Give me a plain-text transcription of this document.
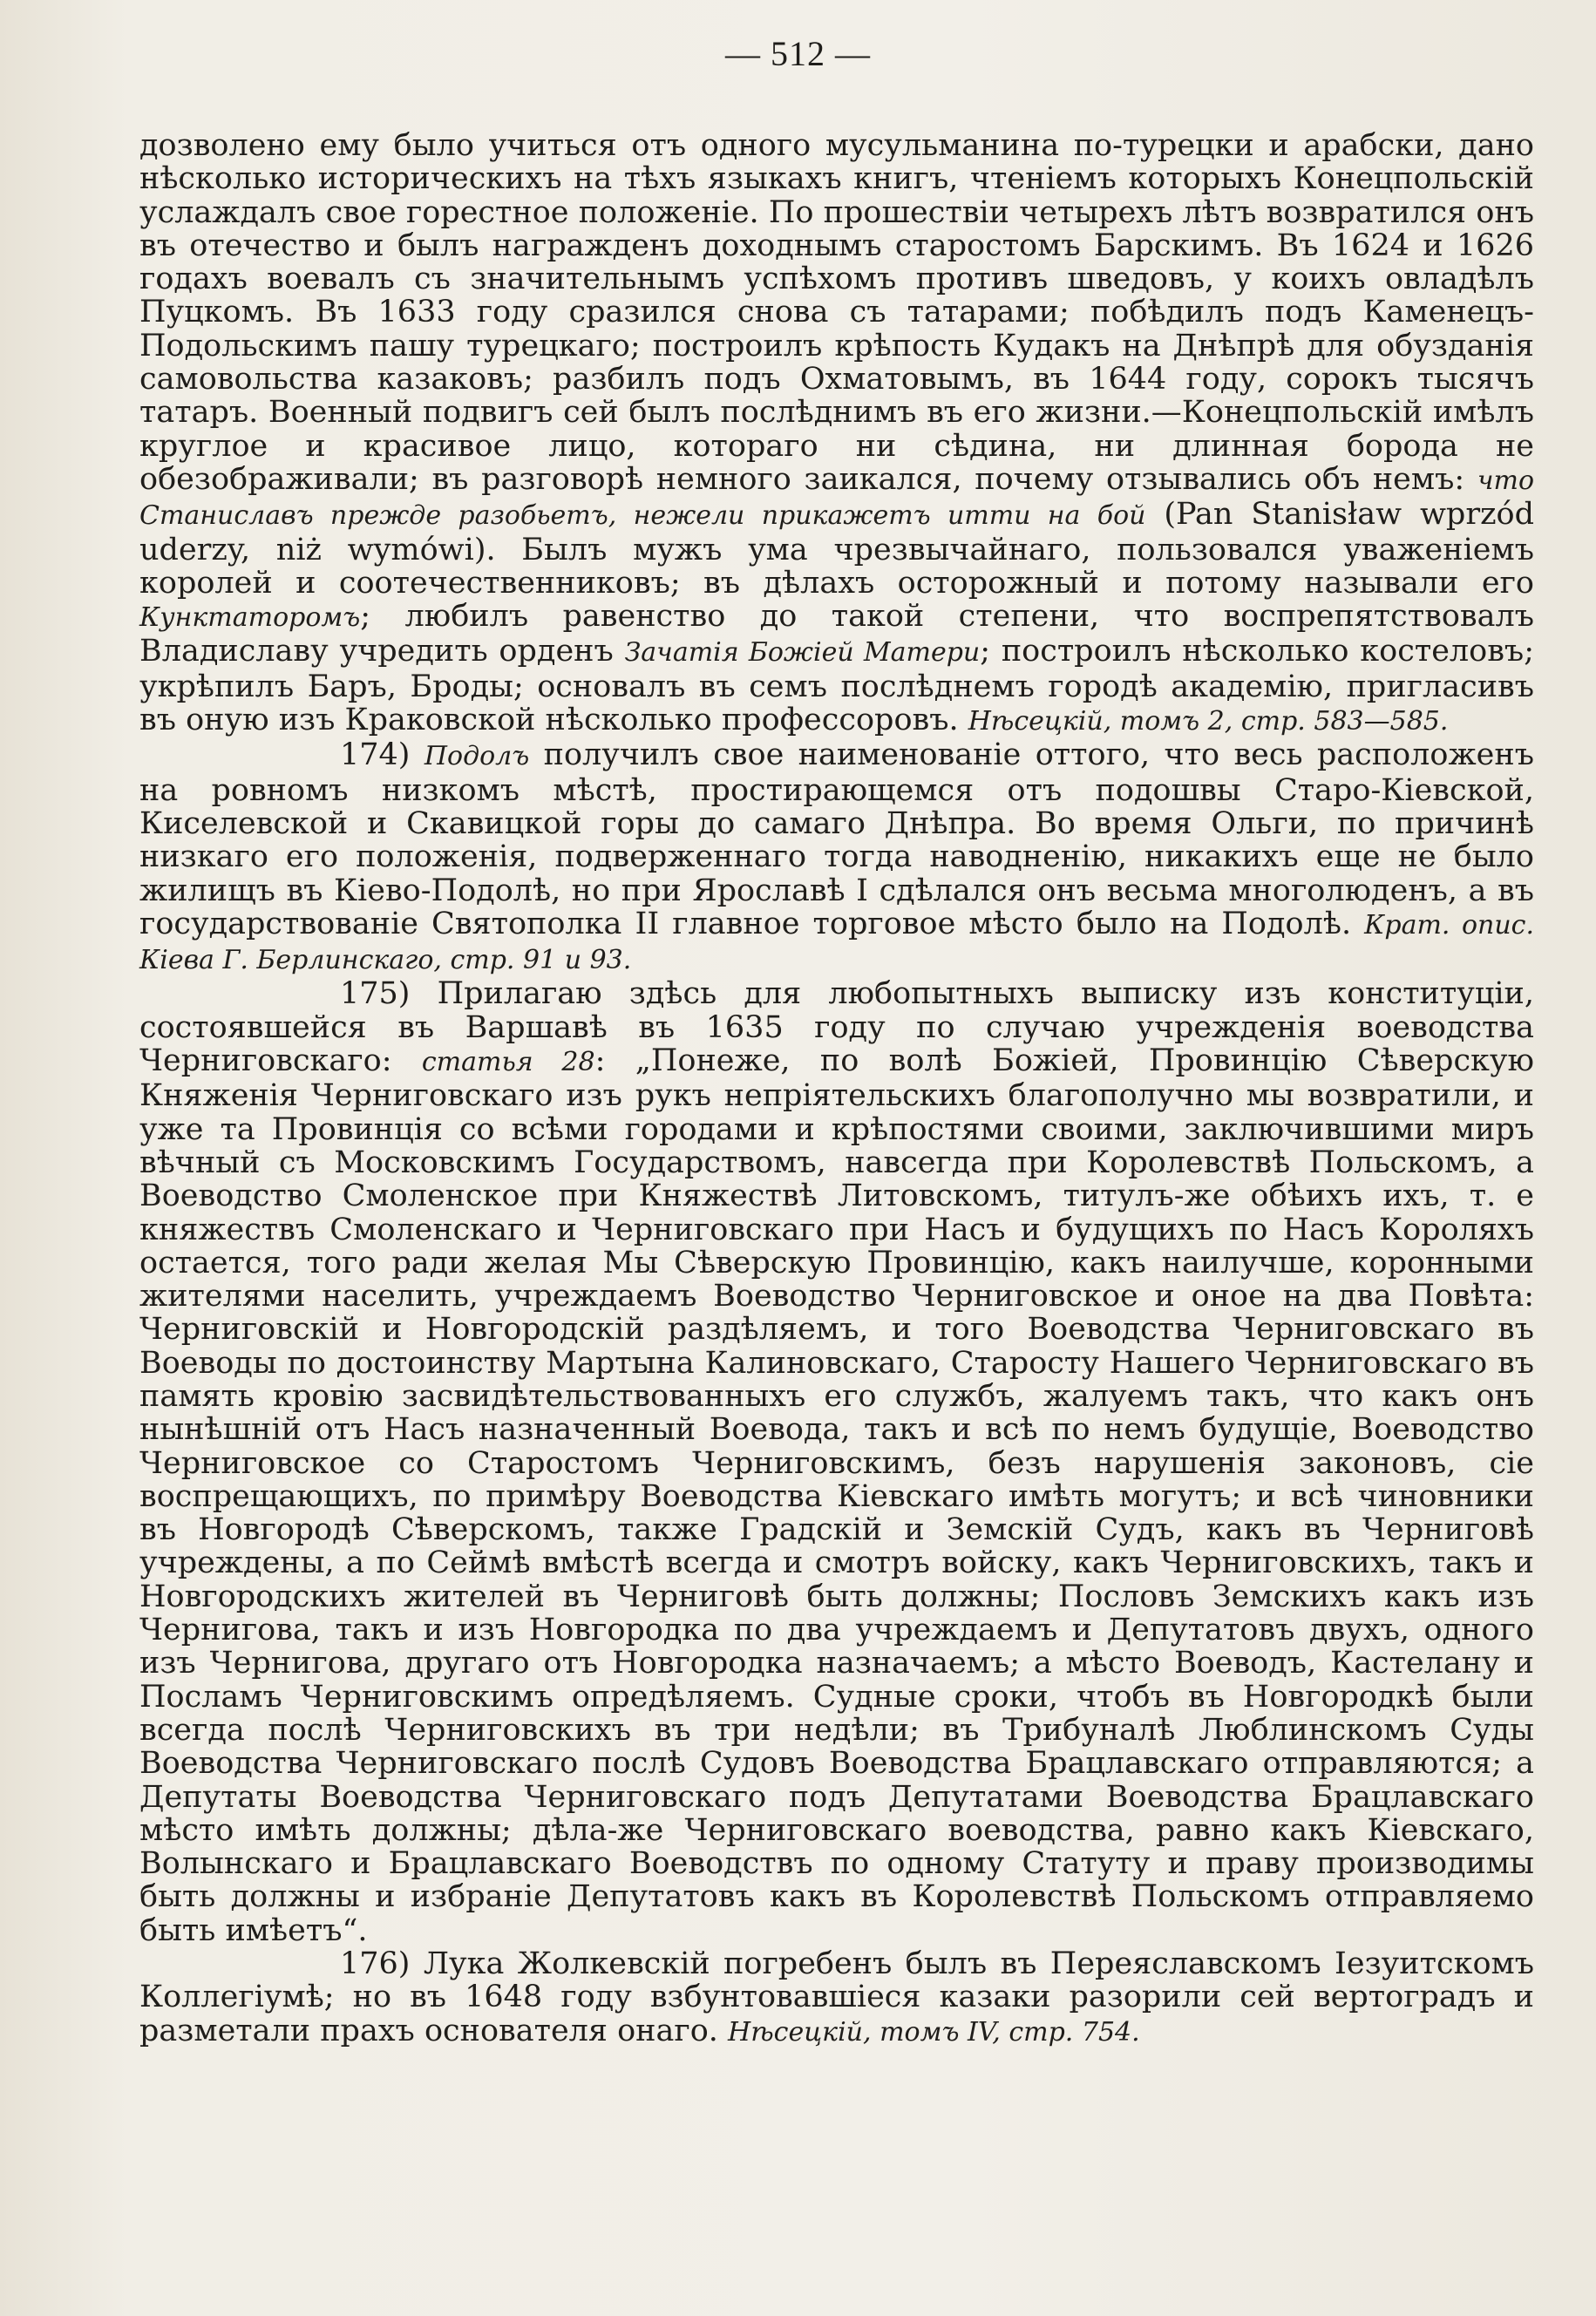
— 512 —

дозволено ему было учиться отъ одного мусульманина по-турецки и арабски, дано нѣсколько историческихъ на тѣхъ языкахъ книгъ, чтеніемъ которыхъ Конецпольскій услаждалъ свое горестное положеніе. По прошествіи четырехъ лѣтъ возвратился онъ въ отечество и былъ награжденъ доходнымъ старостомъ Барскимъ. Въ 1624 и 1626 годахъ воевалъ съ значительнымъ успѣхомъ противъ шведовъ, у коихъ овладѣлъ Пуцкомъ. Въ 1633 году сразился снова съ татарами; побѣдилъ подъ Каменецъ-Подольскимъ пашу турецкаго; построилъ крѣпость Кудакъ на Днѣпрѣ для обузданія самовольства казаковъ; разбилъ подъ Охматовымъ, въ 1644 году, сорокъ тысячъ татаръ. Военный подвигъ сей былъ послѣднимъ въ его жизни.—Конецпольскій имѣлъ круглое и красивое лицо, котораго ни сѣдина, ни длинная борода не обезображивали; въ разговорѣ немного заикался, почему отзывались объ немъ: что Станиславъ прежде разобьетъ, нежели прикажетъ итти на бой (Pan Stanisław wprzód uderzy, niż wymówi). Былъ мужъ ума чрезвычайнаго, пользовался уваженіемъ королей и соотечественниковъ; въ дѣлахъ осторожный и потому называли его Кунктаторомъ; любилъ равенство до такой степени, что воспрепятствовалъ Владиславу учредить орденъ Зачатія Божіей Матери; построилъ нѣсколько костеловъ; укрѣпилъ Баръ, Броды; основалъ въ семъ послѣднемъ городѣ академію, пригласивъ въ оную изъ Краковской нѣсколько профессоровъ. Нѣсецкій, томъ 2, стр. 583—585.

174) Подолъ получилъ свое наименованіе оттого, что весь расположенъ на ровномъ низкомъ мѣстѣ, простирающемся отъ подошвы Старо-Кіевской, Киселевской и Скавицкой горы до самаго Днѣпра. Во время Ольги, по причинѣ низкаго его положенія, подверженнаго тогда наводненію, никакихъ еще не было жилищъ въ Кіево-Подолѣ, но при Ярославѣ I сдѣлался онъ весьма многолюденъ, а въ государствованіе Святополка II главное торговое мѣсто было на Подолѣ. Крат. опис. Кіева Г. Берлинскаго, стр. 91 и 93.

175) Прилагаю здѣсь для любопытныхъ выписку изъ конституціи, состоявшейся въ Варшавѣ въ 1635 году по случаю учрежденія воеводства Черниговскаго: статья 28: „Понеже, по волѣ Божіей, Провинцію Сѣверскую Княженія Черниговскаго изъ рукъ непріятельскихъ благополучно мы возвратили, и уже та Провинція со всѣми городами и крѣпостями своими, заключившими миръ вѣчный съ Московскимъ Государствомъ, навсегда при Королевствѣ Польскомъ, а Воеводство Смоленское при Княжествѣ Литовскомъ, титулъ-же обѣихъ ихъ, т. е княжествъ Смоленскаго и Черниговскаго при Насъ и будущихъ по Насъ Короляхъ остается, того ради желая Мы Сѣверскую Провинцію, какъ наилучше, коронными жителями населить, учреждаемъ Воеводство Черниговское и оное на два Повѣта: Черниговскій и Новгородскій раздѣляемъ, и того Воеводства Черниговскаго въ Воеводы по достоинству Мартына Калиновскаго, Старосту Нашего Черниговскаго въ память кровію засвидѣтельствованныхъ его службъ, жалуемъ такъ, что какъ онъ нынѣшній отъ Насъ назначенный Воевода, такъ и всѣ по немъ будущіе, Воеводство Черниговское со Старостомъ Черниговскимъ, безъ нарушенія законовъ, сіе воспрещающихъ, по примѣру Воеводства Кіевскаго имѣть могутъ; и всѣ чиновники въ Новгородѣ Сѣверскомъ, также Градскій и Земскій Судъ, какъ въ Черниговѣ учреждены, а по Сеймѣ вмѣстѣ всегда и смотръ войску, какъ Черниговскихъ, такъ и Новгородскихъ жителей въ Черниговѣ быть должны; Пословъ Земскихъ какъ изъ Чернигова, такъ и изъ Новгородка по два учреждаемъ и Депутатовъ двухъ, одного изъ Чернигова, другаго отъ Новгородка назначаемъ; а мѣсто Воеводъ, Кастелану и Посламъ Черниговскимъ опредѣляемъ. Судные сроки, чтобъ въ Новгородкѣ были всегда послѣ Черниговскихъ въ три недѣли; въ Трибуналѣ Люблинскомъ Суды Воеводства Черниговскаго послѣ Судовъ Воеводства Брацлавскаго отправляются; а Депутаты Воеводства Черниговскаго подъ Депутатами Воеводства Брацлавскаго мѣсто имѣть должны; дѣла-же Черниговскаго воеводства, равно какъ Кіевскаго, Волынскаго и Брацлавскаго Воеводствъ по одному Статуту и праву производимы быть должны и избраніе Депутатовъ какъ въ Королевствѣ Польскомъ отправляемо быть имѣетъ“.

176) Лука Жолкевскій погребенъ былъ въ Переяславскомъ Іезуитскомъ Коллегіумѣ; но въ 1648 году взбунтовавшіеся казаки разорили сей вертоградъ и разметали прахъ основателя онаго. Нѣсецкій, томъ IV, стр. 754.
